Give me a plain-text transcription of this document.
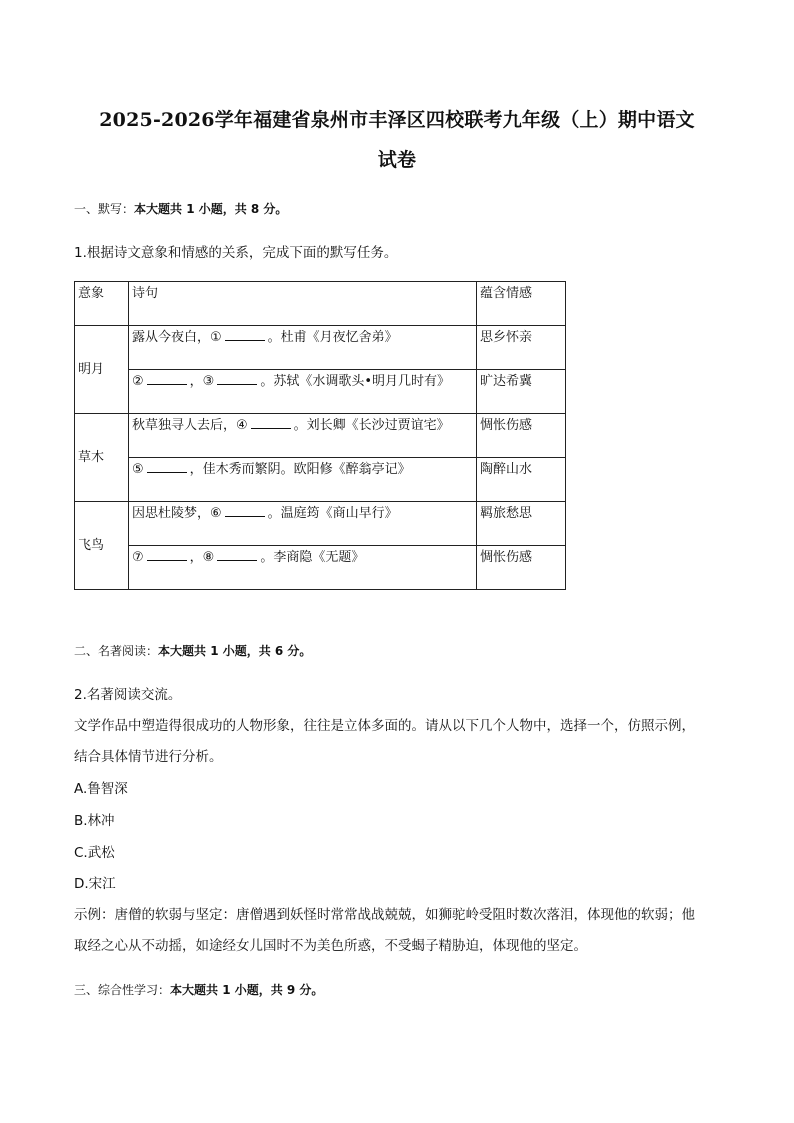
2025-2026学年福建省泉州市丰泽区四校联考九年级（上）期中语文
试卷
一、默写：本大题共 1 小题，共 8 分。
1.根据诗文意象和情感的关系，完成下面的默写任务。
意象	诗句	蕴含情感
明月	露从今夜白，① 。杜甫《月夜忆舍弟》	思乡怀亲
	② ，③ 。苏轼《水调歌头•明月几时有》	旷达希冀
草木	秋草独寻人去后，④ 。刘长卿《长沙过贾谊宅》	惆怅伤感
	⑤ ，佳木秀而繁阴。欧阳修《醉翁亭记》	陶醉山水
飞鸟	因思杜陵梦，⑥ 。温庭筠《商山早行》	羁旅愁思
	⑦ ，⑧ 。李商隐《无题》	惆怅伤感
二、名著阅读：本大题共 1 小题，共 6 分。
2.名著阅读交流。
文学作品中塑造得很成功的人物形象，往往是立体多面的。请从以下几个人物中，选择一个，仿照示例，
结合具体情节进行分析。
A.鲁智深
B.林冲
C.武松
D.宋江
示例：唐僧的软弱与坚定：唐僧遇到妖怪时常常战战兢兢，如狮驼岭受阻时数次落泪，体现他的软弱；他
取经之心从不动摇，如途经女儿国时不为美色所惑，不受蝎子精胁迫，体现他的坚定。
三、综合性学习：本大题共 1 小题，共 9 分。
